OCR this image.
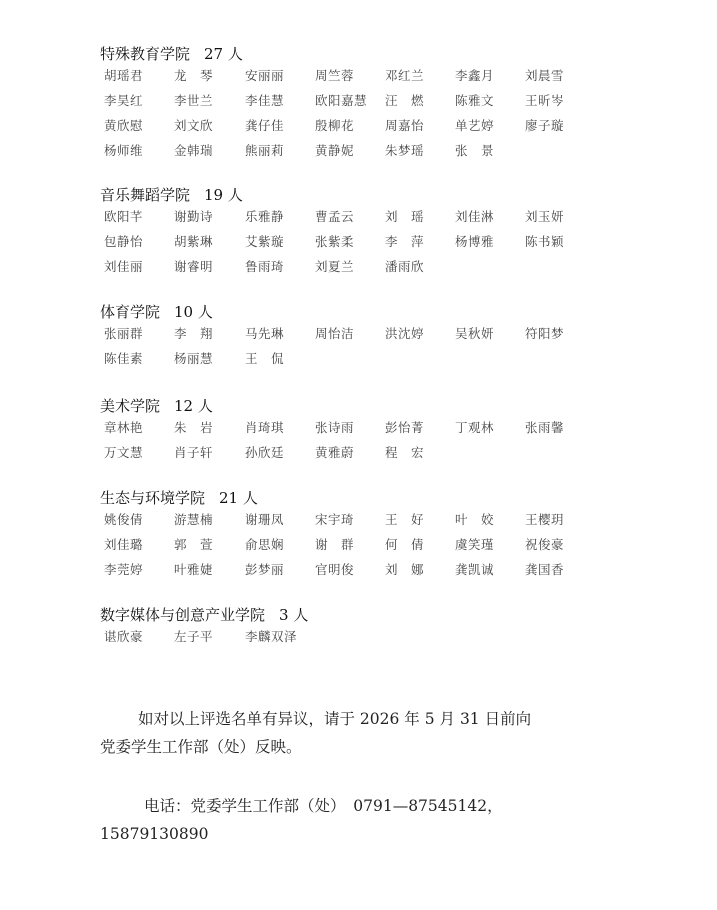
特殊教育学院 27 人
胡瑶君	龙　琴	安丽丽	周竺蓉	邓红兰	李鑫月	刘晨雪
李昊红	李世兰	李佳慧	欧阳嘉慧	汪　燃	陈雅文	王昕岑
黄欣慰	刘文欣	龚仔佳	殷柳花	周嘉怡	单艺婷	廖子璇
杨师维	金韩瑞	熊丽莉	黄静妮	朱梦瑶	张　景
音乐舞蹈学院 19 人
欧阳芊	谢勤诗	乐雅静	曹孟云	刘　瑶	刘佳淋	刘玉妍
包静怡	胡紫琳	艾紫璇	张紫柔	李　萍	杨博雅	陈书颖
刘佳丽	谢睿明	鲁雨琦	刘夏兰	潘雨欣
体育学院 10 人
张丽群	李　翔	马先琳	周怡洁	洪沈婷	吴秋妍	符阳梦
陈佳素	杨丽慧	王　侃
美术学院 12 人
章林艳	朱　岩	肖琦琪	张诗雨	彭怡菁	丁观林	张雨馨
万文慧	肖子轩	孙欣廷	黄雅蔚	程　宏
生态与环境学院 21 人
姚俊倩	游慧楠	谢珊凤	宋宇琦	王　好	叶　姣	王樱玥
刘佳璐	郭　萱	俞思娴	谢　群	何　倩	虞笑瑾	祝俊豪
李莞婷	叶雅婕	彭梦丽	官明俊	刘　娜	龚凯诚	龚国香
数字媒体与创意产业学院 3 人
谌欣豪	左子平	李麟双泽
如对以上评选名单有异议，请于 2026 年 5 月 31 日前向
党委学生工作部（处）反映。
电话：党委学生工作部（处）　0791—87545142，
15879130890
